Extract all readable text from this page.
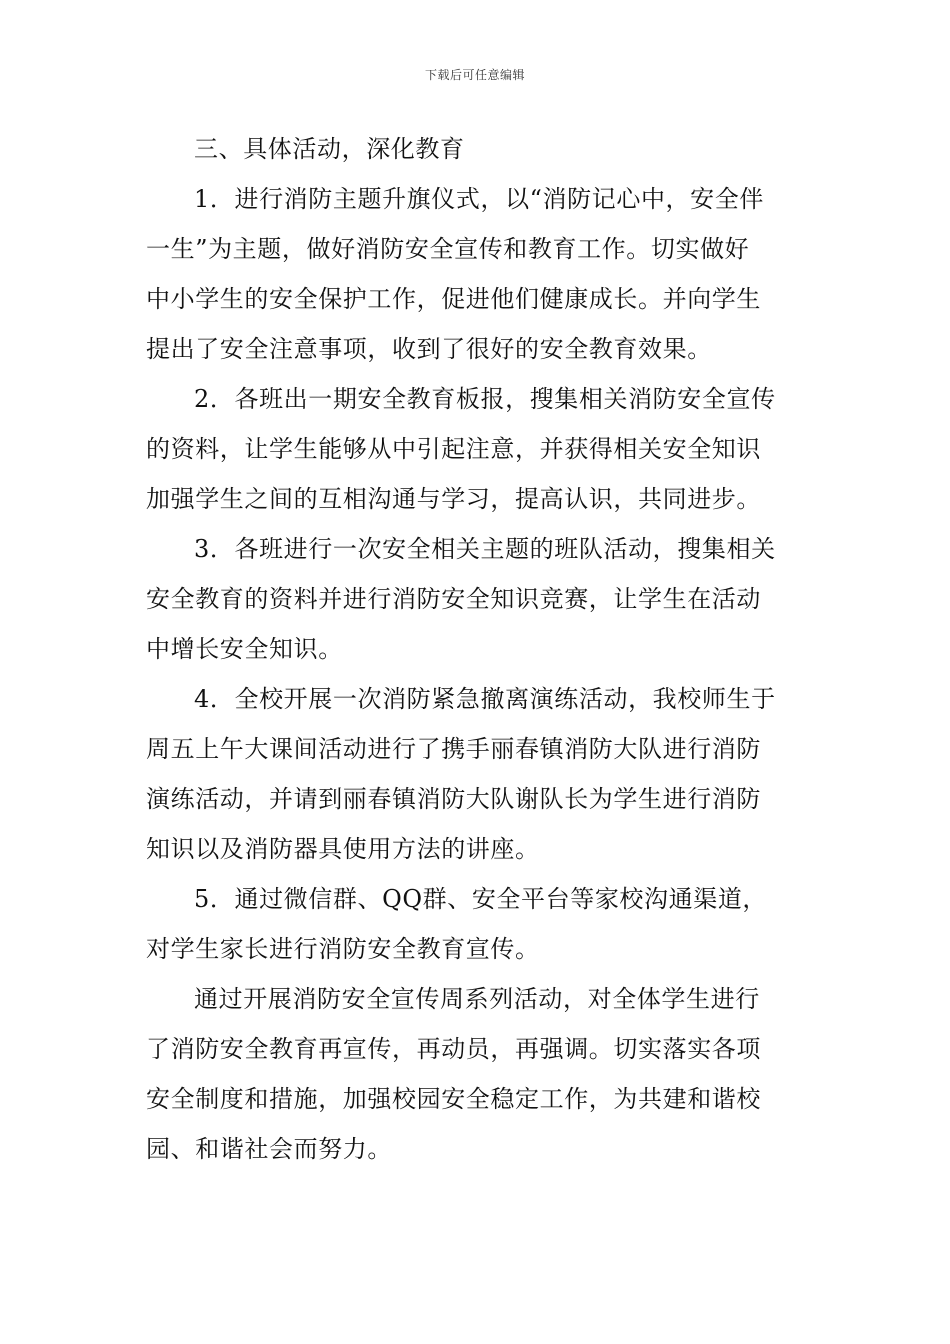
下载后可任意编辑

三、具体活动，深化教育

1．进行消防主题升旗仪式，以“消防记心中，安全伴
一生”为主题，做好消防安全宣传和教育工作。切实做好
中小学生的安全保护工作，促进他们健康成长。并向学生
提出了安全注意事项，收到了很好的安全教育效果。

2．各班出一期安全教育板报，搜集相关消防安全宣传
的资料，让学生能够从中引起注意，并获得相关安全知识
加强学生之间的互相沟通与学习，提高认识，共同进步。

3．各班进行一次安全相关主题的班队活动，搜集相关
安全教育的资料并进行消防安全知识竞赛，让学生在活动
中增长安全知识。

4．全校开展一次消防紧急撤离演练活动，我校师生于
周五上午大课间活动进行了携手丽春镇消防大队进行消防
演练活动，并请到丽春镇消防大队谢队长为学生进行消防
知识以及消防器具使用方法的讲座。

5．通过微信群、QQ群、安全平台等家校沟通渠道，
对学生家长进行消防安全教育宣传。

通过开展消防安全宣传周系列活动，对全体学生进行
了消防安全教育再宣传，再动员，再强调。切实落实各项
安全制度和措施，加强校园安全稳定工作，为共建和谐校
园、和谐社会而努力。
